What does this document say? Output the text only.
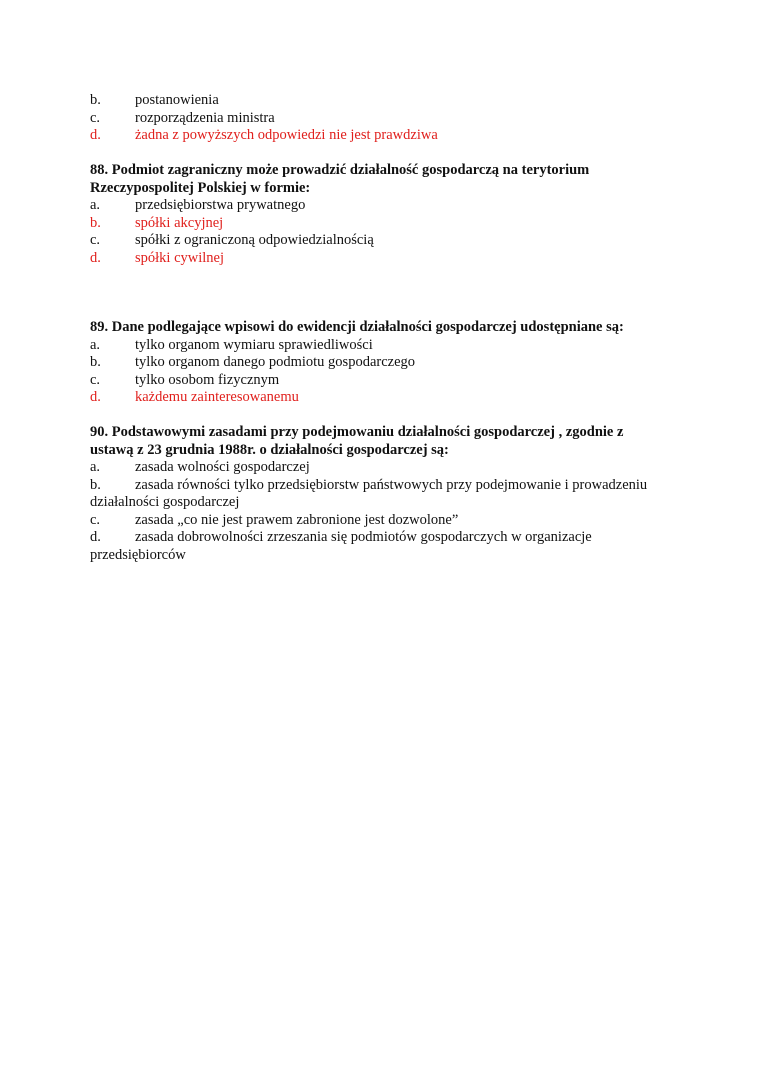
b.	postanowienia
c.	rozporządzenia ministra
d.	żadna z powyższych odpowiedzi nie jest prawdziwa
88. Podmiot zagraniczny może prowadzić działalność gospodarczą na terytorium
Rzeczypospolitej Polskiej w formie:
a.	przedsiębiorstwa prywatnego
b.	spółki akcyjnej
c.	spółki z ograniczoną odpowiedzialnością
d.	spółki cywilnej
89. Dane podlegające wpisowi do ewidencji działalności gospodarczej udostępniane są:
a.	tylko organom wymiaru sprawiedliwości
b.	tylko organom danego podmiotu gospodarczego
c.	tylko osobom fizycznym
d.	każdemu zainteresowanemu
90. Podstawowymi zasadami przy podejmowaniu działalności gospodarczej , zgodnie z
ustawą z 23 grudnia 1988r. o działalności gospodarczej są:
a.	zasada wolności gospodarczej
b.	zasada równości tylko przedsiębiorstw państwowych przy podejmowanie i prowadzeniu
działalności gospodarczej
c.	zasada „co nie jest prawem zabronione jest dozwolone”
d.	zasada dobrowolności zrzeszania się podmiotów gospodarczych w organizacje
przedsiębiorców
